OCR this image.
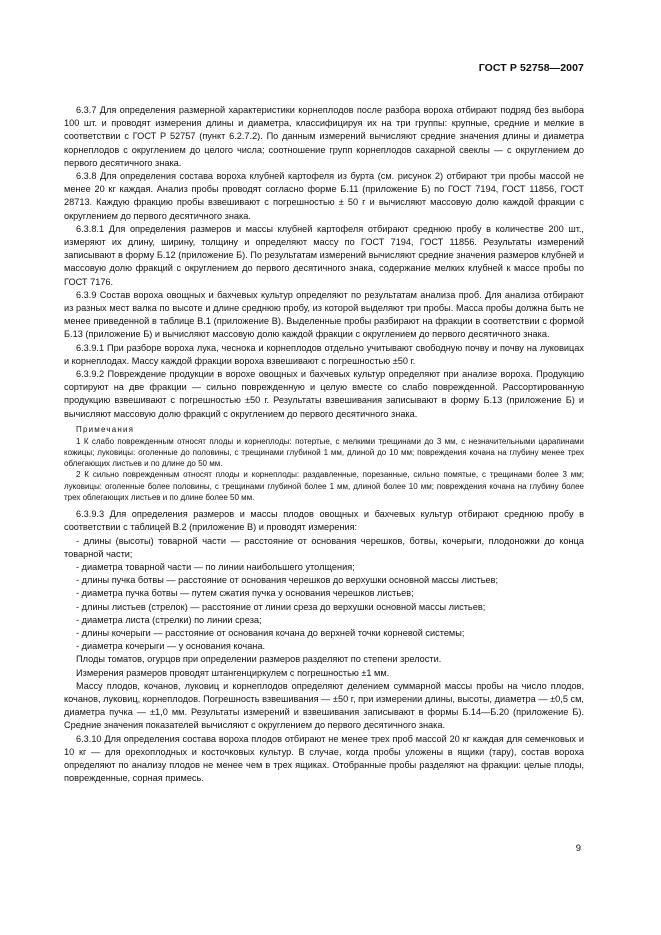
ГОСТ Р 52758—2007

6.3.7 Для определения размерной характеристики корнеплодов после разбора вороха отбирают подряд без выбора 100 шт. и проводят измерения длины и диаметра, классифицируя их на три группы: крупные, средние и мелкие в соответствии с ГОСТ Р 52757 (пункт 6.2.7.2). По данным измерений вычисляют средние значения длины и диаметра корнеплодов с округлением до целого числа; соотношение групп корнеплодов сахарной свеклы — с округлением до первого десятичного знака.

6.3.8 Для определения состава вороха клубней картофеля из бурта (см. рисунок 2) отбирают три пробы массой не менее 20 кг каждая. Анализ пробы проводят согласно форме Б.11 (приложение Б) по ГОСТ 7194, ГОСТ 11856, ГОСТ 28713. Каждую фракцию пробы взвешивают с погрешностью ± 50 г и вычисляют массовую долю каждой фракции с округлением до первого десятичного знака.

6.3.8.1 Для определения размеров и массы клубней картофеля отбирают среднюю пробу в количестве 200 шт., измеряют их длину, ширину, толщину и определяют массу по ГОСТ 7194, ГОСТ 11856. Результаты измерений записывают в форму Б.12 (приложение Б). По результатам измерений вычисляют средние значения размеров клубней и массовую долю фракций с округлением до первого десятичного знака, содержание мелких клубней к массе пробы по ГОСТ 7176.

6.3.9 Состав вороха овощных и бахчевых культур определяют по результатам анализа проб. Для анализа отбирают из разных мест валка по высоте и длине среднюю пробу, из которой выделяют три пробы. Масса пробы должна быть не менее приведенной в таблице В.1 (приложение В). Выделенные пробы разбирают на фракции в соответствии с формой Б.13 (приложение Б) и вычисляют массовую долю каждой фракции с округлением до первого десятичного знака.

6.3.9.1 При разборе вороха лука, чеснока и корнеплодов отдельно учитывают свободную почву и почву на луковицах и корнеплодах. Массу каждой фракции вороха взвешивают с погрешностью ±50 г.

6.3.9.2 Повреждение продукции в ворохе овощных и бахчевых культур определяют при анализе вороха. Продукцию сортируют на две фракции — сильно поврежденную и целую вместе со слабо поврежденной. Рассортированную продукцию взвешивают с погрешностью ±50 г. Результаты взвешивания записывают в форму Б.13 (приложение Б) и вычисляют массовую долю фракций с округлением до первого десятичного знака.

Примечания
1 К слабо поврежденным относят плоды и корнеплоды: потертые, с мелкими трещинами до 3 мм, с незначительными царапинами кожицы; луковицы: оголенные до половины, с трещинами глубиной 1 мм, длиной до 10 мм; повреждения кочана на глубину менее трех облегающих листьев и по длине до 50 мм.
2 К сильно поврежденным относят плоды и корнеплоды: раздавленные, порезанные, сильно помятые, с трещинами более 3 мм; луковицы: оголенные более половины, с трещинами глубиной более 1 мм, длиной более 10 мм; повреждения кочана на глубину более трех облегающих листьев и по длине более 50 мм.

6.3.9.3 Для определения размеров и массы плодов овощных и бахчевых культур отбирают среднюю пробу в соответствии с таблицей В.2 (приложение В) и проводят измерения:

- длины (высоты) товарной части — расстояние от основания черешков, ботвы, кочерыги, плодоножки до конца товарной части;

- диаметра товарной части — по линии наибольшего утолщения;

- длины пучка ботвы — расстояние от основания черешков до верхушки основной массы листьев;

- диаметра пучка ботвы — путем сжатия пучка у основания черешков листьев;

- длины листьев (стрелок) — расстояние от линии среза до верхушки основной массы листьев;

- диаметра листа (стрелки) по линии среза;

- длины кочерыги — расстояние от основания кочана до верхней точки корневой системы;

- диаметра кочерыги — у основания кочана.

Плоды томатов, огурцов при определении размеров разделяют по степени зрелости.

Измерения размеров проводят штангенциркулем с погрешностью ±1 мм.

Массу плодов, кочанов, луковиц и корнеплодов определяют делением суммарной массы пробы на число плодов, кочанов, луковиц, корнеплодов. Погрешность взвешивания — ±50 г, при измерении длины, высоты, диаметра — ±0,5 см, диаметра пучка — ±1,0 мм. Результаты измерений и взвешивания записывают в формы Б.14—Б.20 (приложение Б). Средние значения показателей вычисляют с округлением до первого десятичного знака.

6.3.10 Для определения состава вороха плодов отбирают не менее трех проб массой 20 кг каждая для семечковых и 10 кг — для орехоплодных и косточковых культур. В случае, когда пробы уложены в ящики (тару), состав вороха определяют по анализу плодов не менее чем в трех ящиках. Отобранные пробы разделяют на фракции: целые плоды, поврежденные, сорная примесь.

9
